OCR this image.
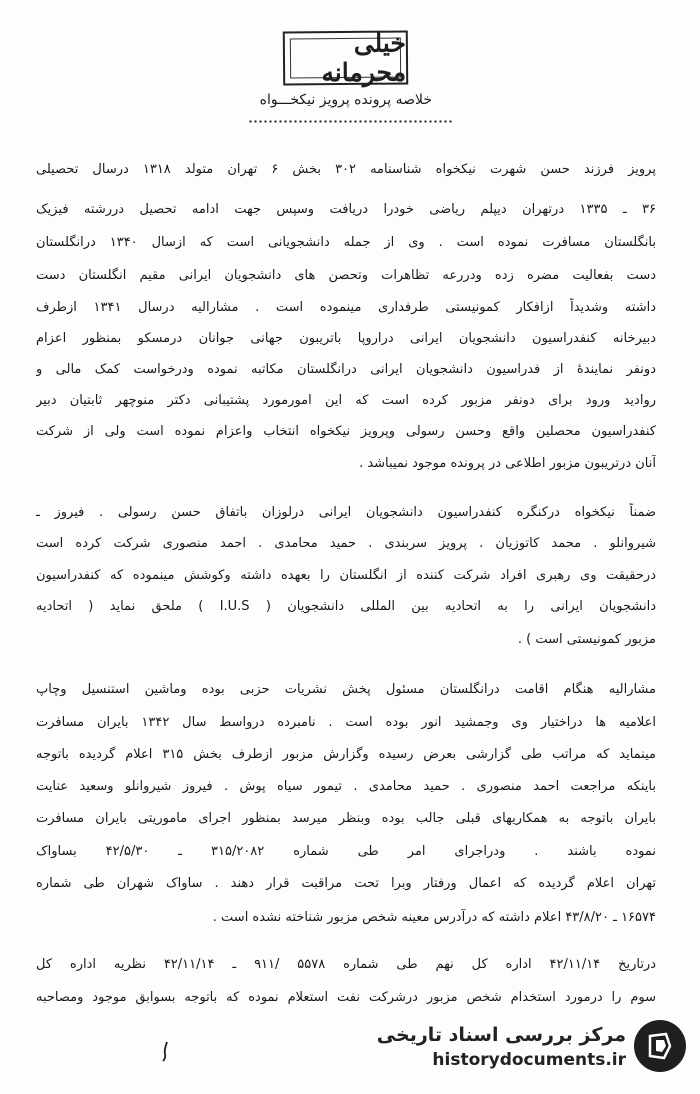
خیلی محرمانه
خلاصه پرونده پرویز نیکخـــواه
پرویز فرزند حسن شهرت نیکخواه شناسنامه ۳۰۲ بخش ۶ تهران متولد ۱۳۱۸ درسال تحصیلی
۳۶ ـ ۱۳۳۵ درتهران دیپلم ریاضی خودرا دریافت وسپس جهت ادامه تحصیل دررشته فیزیک
بانگلستان مسافرت نموده است . وی از جمله دانشجویانی است که ازسال ۱۳۴۰ درانگلستان
دست بفعالیت مضره زده ودررعه تظاهرات وتحصن های دانشجویان ایرانی مقیم انگلستان دست
داشته وشدیداً ازافکار کمونیستی طرفداری مینموده است . مشارالیه درسال ۱۳۴۱ ازطرف
دبیرخانه کنفدراسیون دانشجویان ایرانی دراروپا باتریبون جهانی جوانان درمسکو بمنظور اعزام
دونفر نمایندۀ از فدراسیون دانشجویان ایرانی درانگلستان مکاتبه نموده ودرخواست کمک مالی و
روادید ورود برای دونفر مزبور کرده است که این امورمورد پشتیبانی دکتر منوچهر ثابتیان دبیر
کنفدراسیون محصلین واقع وحسن رسولی وپرویز نیکخواه انتخاب واعزام نموده است ولی از شرکت
آنان درتریبون مزبور اطلاعی در پرونده موجود نمیباشد .
ضمناً نیکخواه درکنگره کنفدراسیون دانشجویان ایرانی درلوزان باتفاق حسن رسولی . فیروز ـ
شیروانلو . محمد کاتوزیان . پرویز سربندی . حمید محامدی . احمد منصوری شرکت کرده است
درحقیقت وی رهبری افراد شرکت کننده از انگلستان را بعهده داشته وکوشش مینموده که کنفدراسیون
دانشجویان ایرانی را به اتحادیه بین المللی دانشجویان ( I.U.S ) ملحق نماید ( اتحادیه
مزبور کمونیستی است ) .
مشارالیه هنگام اقامت درانگلستان مسئول پخش نشریات حزبی بوده وماشین استنسیل وچاپ
اعلامیه ها دراختیار وی وجمشید انور بوده است . نامبرده درواسط سال ۱۳۴۲ بایران مسافرت
مینماید که مراتب طی گزارشی بعرض رسیده وگزارش مزبور ازطرف بخش ۳۱۵ اعلام گردیده باتوجه
باینکه مراجعت احمد منصوری . حمید محامدی . تیمور سیاه پوش . فیروز شیروانلو وسعید عنایت
بایران باتوجه به همکاریهای قبلی جالب بوده وبنظر میرسد بمنظور اجرای ماموریتی بایران مسافرت
نموده باشند . ودراجرای امر طی شماره ۳۱۵/۲۰۸۲ ـ ۴۲/۵/۳۰ بساواک
تهران اعلام گردیده که اعمال ورفتار وبرا تحت مراقبت قرار دهند . ساواک شهران طی شماره
۱۶۵۷۴ ـ ۴۳/۸/۲۰ اعلام داشته که درآدرس معینه شخص مزبور شناخته نشده است .
درتاریخ ۴۲/۱۱/۱۴ اداره کل نهم طی شماره ۵۵۷۸ /۹۱۱ ـ ۴۲/۱۱/۱۴ نظریه اداره کل
سوم را درمورد استخدام شخص مزبور درشرکت نفت استعلام نموده که باتوجه بسوابق موجود ومصاحبه
مرکز بررسی اسناد تاریخی
historydocuments.ir
